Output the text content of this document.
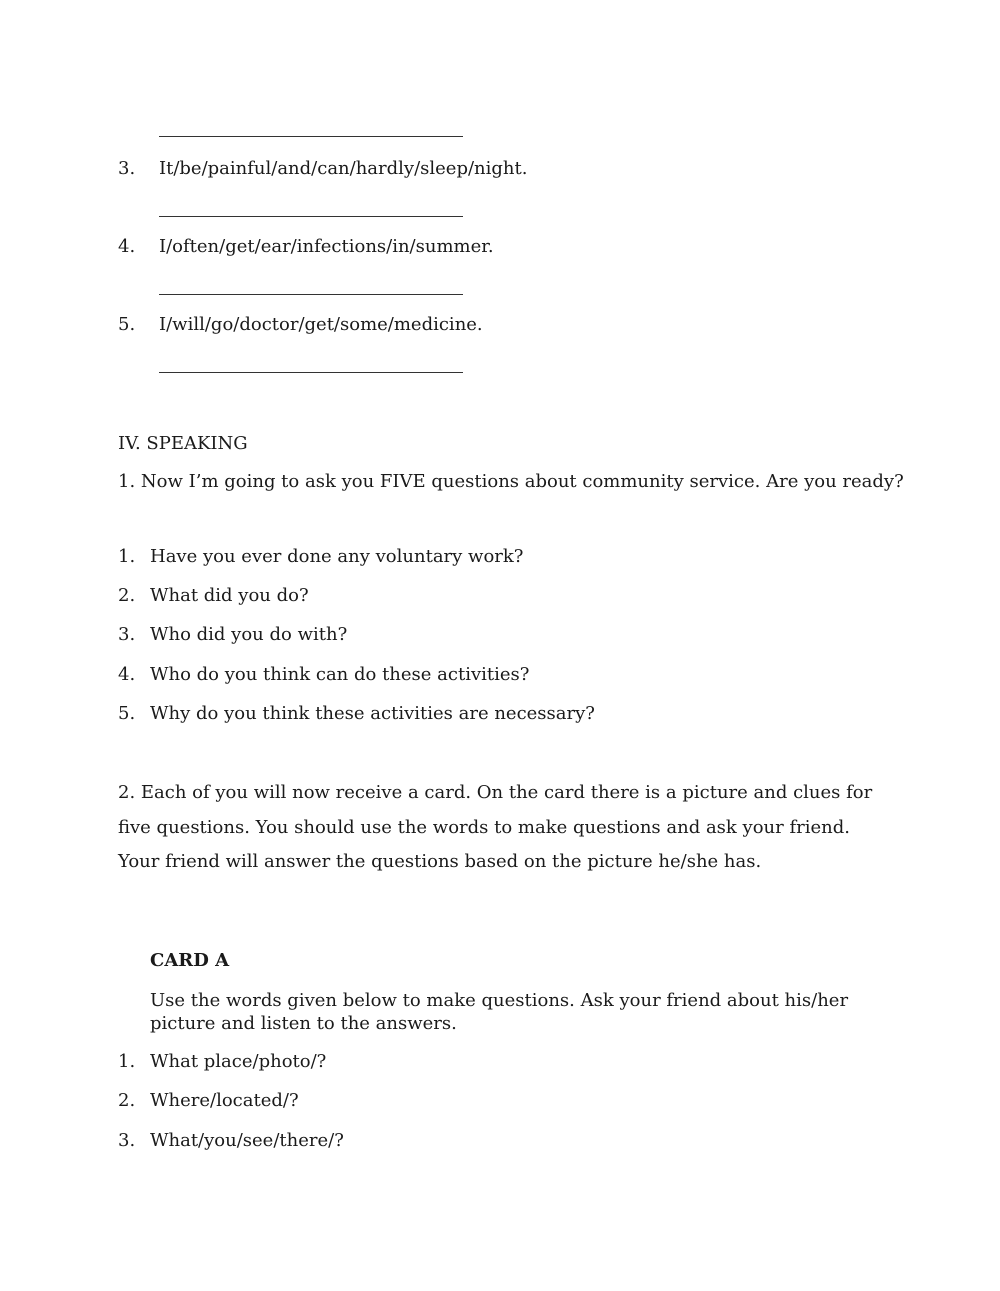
3. It/be/painful/and/can/hardly/sleep/night.
4. I/often/get/ear/infections/in/summer.
5. I/will/go/doctor/get/some/medicine.
IV. SPEAKING
1. Now I’m going to ask you FIVE questions about community service. Are you ready?
1. Have you ever done any voluntary work?
2. What did you do?
3. Who did you do with?
4. Who do you think can do these activities?
5. Why do you think these activities are necessary?
2. Each of you will now receive a card. On the card there is a picture and clues for five questions. You should use the words to make questions and ask your friend. Your friend will answer the questions based on the picture he/she has.
CARD A
Use the words given below to make questions. Ask your friend about his/her picture and listen to the answers.
1. What place/photo/?
2. Where/located/?
3. What/you/see/there/?
